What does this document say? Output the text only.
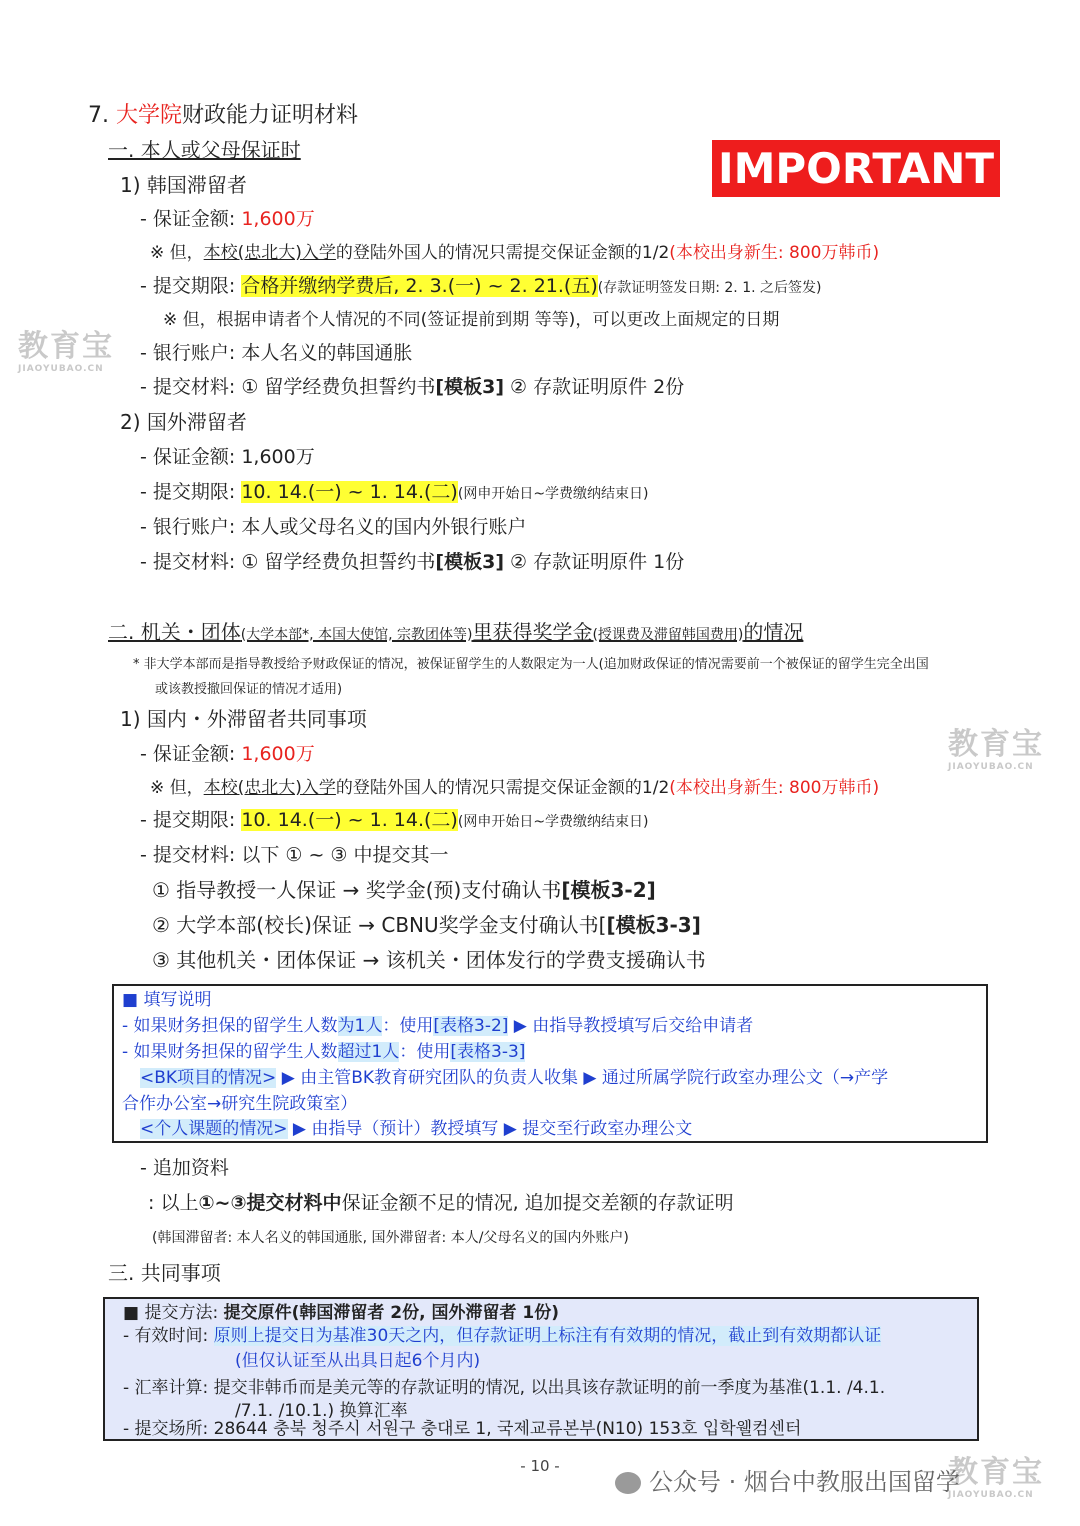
7. 大学院财政能力证明材料
IMPORTANT
一. 本人或父母保证时
1) 韩国滞留者
- 保证金额: 1,600万
※ 但，本校(忠北大)入学的登陆外国人的情况只需提交保证金额的1/2(本校出身新生: 800万韩币)
- 提交期限: 合格并缴纳学费后, 2. 3.(一) ~ 2. 21.(五)(存款证明签发日期: 2. 1. 之后签发)
※ 但，根据申请者个人情况的不同(签证提前到期 等等)，可以更改上面规定的日期
- 银行账户: 本人名义的韩国通胀
- 提交材料: ① 留学经费负担誓约书[模板3] ② 存款证明原件 2份
2) 国外滞留者
- 保证金额: 1,600万
- 提交期限: 10. 14.(一) ~ 1. 14.(二)(网申开始日~学费缴纳结束日)
- 银行账户: 本人或父母名义的国内外银行账户
- 提交材料: ① 留学经费负担誓约书[模板3] ② 存款证明原件 1份
二. 机关・团体(大学本部*, 本国大使馆, 宗教团体等)里获得奖学金(授课费及滞留韩国费用)的情况
* 非大学本部而是指导教授给予财政保证的情况，被保证留学生的人数限定为一人(追加财政保证的情况需要前一个被保证的留学生完全出国
或该教授撤回保证的情况才适用)
1) 国内・外滞留者共同事项
- 保证金额: 1,600万
※ 但，本校(忠北大)入学的登陆外国人的情况只需提交保证金额的1/2(本校出身新生: 800万韩币)
- 提交期限: 10. 14.(一) ~ 1. 14.(二)(网申开始日~学费缴纳结束日)
- 提交材料: 以下 ① ~ ③ 中提交其一
① 指导教授一人保证 → 奖学金(预)支付确认书[模板3-2]
② 大学本部(校长)保证 → CBNU奖学金支付确认书[[模板3-3]
③ 其他机关・团体保证 → 该机关・团体发行的学费支援确认书
■ 填写说明
- 如果财务担保的留学生人数为1人：使用[表格3-2] ▶ 由指导教授填写后交给申请者
- 如果财务担保的留学生人数超过1人：使用[表格3-3]
<BK项目的情况> ▶ 由主管BK教育研究团队的负责人收集 ▶ 通过所属学院行政室办理公文（→产学
合作办公室→研究生院政策室）
<个人课题的情况> ▶ 由指导（预计）教授填写 ▶ 提交至行政室办理公文
- 追加资料
: 以上①~③提交材料中保证金额不足的情况, 追加提交差额的存款证明
(韩国滞留者: 本人名义的韩国通胀, 国外滞留者: 本人/父母名义的国内外账户)
三. 共同事项
■ 提交方法: 提交原件(韩国滞留者 2份, 国外滞留者 1份)
- 有效时间: 原则上提交日为基准30天之内，但存款证明上标注有有效期的情况，截止到有效期都认证
(但仅认证至从出具日起6个月内)
- 汇率计算: 提交非韩币而是美元等的存款证明的情况, 以出具该存款证明的前一季度为基准(1.1. /4.1.
/7.1. /10.1.) 换算汇率
- 提交场所: 28644 충북 청주시 서원구 충대로 1, 국제교류본부(N10) 153호 입학웰컴센터
教育宝
JIAOYUBAO.CN
教育宝
JIAOYUBAO.CN
教育宝
JIAOYUBAO.CN
- 10 -
公众号 · 烟台中教服出国留学
